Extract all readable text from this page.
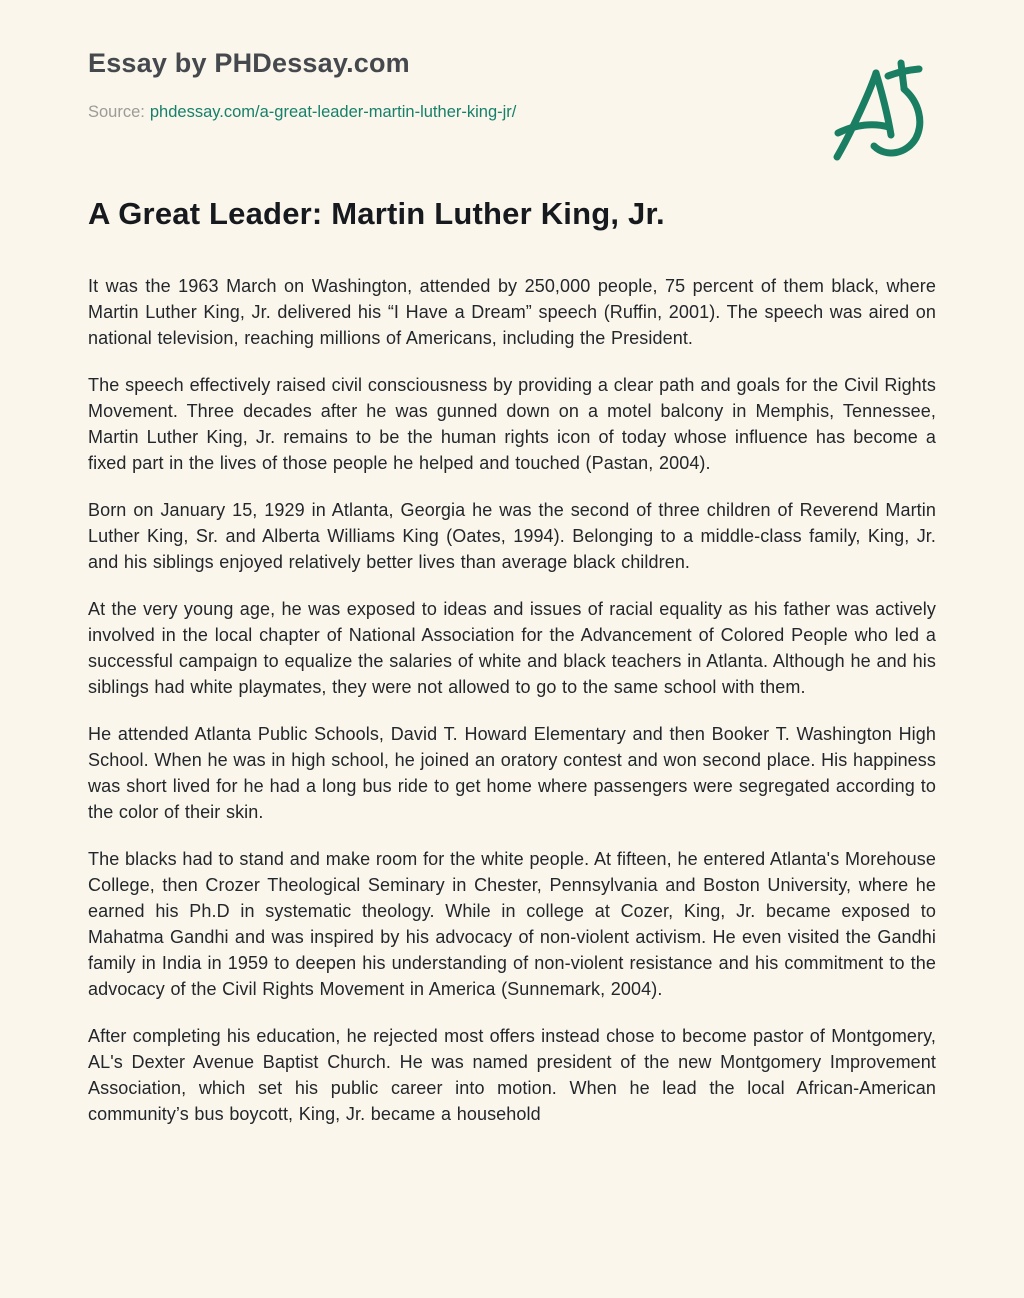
Essay by PHDessay.com

Source: phdessay.com/a-great-leader-martin-luther-king-jr/

A Great Leader: Martin Luther King, Jr.

It was the 1963 March on Washington, attended by 250,000 people, 75 percent of them black, where Martin Luther King, Jr. delivered his “I Have a Dream” speech (Ruffin, 2001). The speech was aired on national television, reaching millions of Americans, including the President.

The speech effectively raised civil consciousness by providing a clear path and goals for the Civil Rights Movement. Three decades after he was gunned down on a motel balcony in Memphis, Tennessee, Martin Luther King, Jr. remains to be the human rights icon of today whose influence has become a fixed part in the lives of those people he helped and touched (Pastan, 2004).

Born on January 15, 1929 in Atlanta, Georgia he was the second of three children of Reverend Martin Luther King, Sr. and Alberta Williams King (Oates, 1994). Belonging to a middle-class family, King, Jr. and his siblings enjoyed relatively better lives than average black children.

At the very young age, he was exposed to ideas and issues of racial equality as his father was actively involved in the local chapter of National Association for the Advancement of Colored People who led a successful campaign to equalize the salaries of white and black teachers in Atlanta. Although he and his siblings had white playmates, they were not allowed to go to the same school with them.

He attended Atlanta Public Schools, David T. Howard Elementary and then Booker T. Washington High School. When he was in high school, he joined an oratory contest and won second place. His happiness was short lived for he had a long bus ride to get home where passengers were segregated according to the color of their skin.

The blacks had to stand and make room for the white people. At fifteen, he entered Atlanta's Morehouse College, then Crozer Theological Seminary in Chester, Pennsylvania and Boston University, where he earned his Ph.D in systematic theology. While in college at Cozer, King, Jr. became exposed to Mahatma Gandhi and was inspired by his advocacy of non-violent activism. He even visited the Gandhi family in India in 1959 to deepen his understanding of non-violent resistance and his commitment to the advocacy of the Civil Rights Movement in America (Sunnemark, 2004).

After completing his education, he rejected most offers instead chose to become pastor of Montgomery, AL's Dexter Avenue Baptist Church. He was named president of the new Montgomery Improvement Association, which set his public career into motion. When he lead the local African-American community’s bus boycott, King, Jr. became a household
